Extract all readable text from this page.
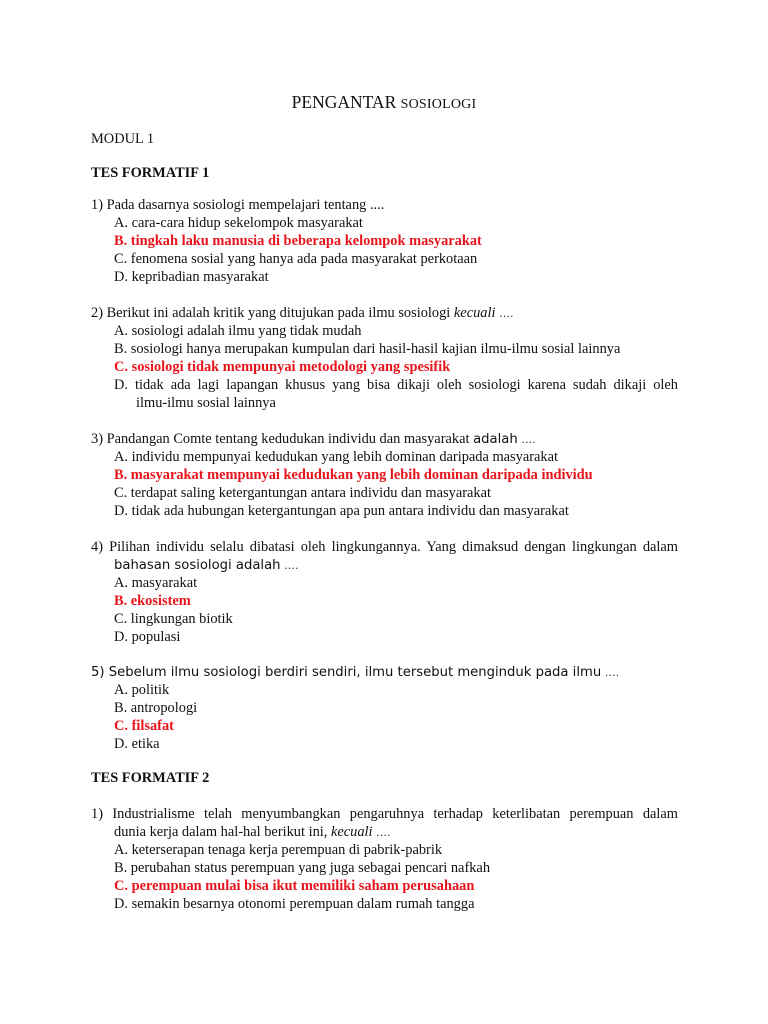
PENGANTAR SOSIOLOGI
MODUL 1
TES FORMATIF 1
1) Pada dasarnya sosiologi mempelajari tentang ....
A. cara-cara hidup sekelompok masyarakat
B. tingkah laku manusia di beberapa kelompok masyarakat
C. fenomena sosial yang hanya ada pada masyarakat perkotaan
D. kepribadian masyarakat
2) Berikut ini adalah kritik yang ditujukan pada ilmu sosiologi kecuali ….
A. sosiologi adalah ilmu yang tidak mudah
B. sosiologi hanya merupakan kumpulan dari hasil-hasil kajian ilmu-ilmu sosial lainnya
C. sosiologi tidak mempunyai metodologi yang spesifik
D. tidak ada lagi lapangan khusus yang bisa dikaji oleh sosiologi karena sudah dikaji oleh
ilmu-ilmu sosial lainnya
3) Pandangan Comte tentang kedudukan individu dan masyarakat adalah ….
A. individu mempunyai kedudukan yang lebih dominan daripada masyarakat
B. masyarakat mempunyai kedudukan yang lebih dominan daripada individu
C. terdapat saling ketergantungan antara individu dan masyarakat
D. tidak ada hubungan ketergantungan apa pun antara individu dan masyarakat
4) Pilihan individu selalu dibatasi oleh lingkungannya. Yang dimaksud dengan lingkungan dalam
bahasan sosiologi adalah ….
A. masyarakat
B. ekosistem
C. lingkungan biotik
D. populasi
5) Sebelum ilmu sosiologi berdiri sendiri, ilmu tersebut menginduk pada ilmu ….
A. politik
B. antropologi
C. filsafat
D. etika
TES FORMATIF 2
1) Industrialisme telah menyumbangkan pengaruhnya terhadap keterlibatan perempuan dalam
dunia kerja dalam hal-hal berikut ini, kecuali ….
A. keterserapan tenaga kerja perempuan di pabrik-pabrik
B. perubahan status perempuan yang juga sebagai pencari nafkah
C. perempuan mulai bisa ikut memiliki saham perusahaan
D. semakin besarnya otonomi perempuan dalam rumah tangga
